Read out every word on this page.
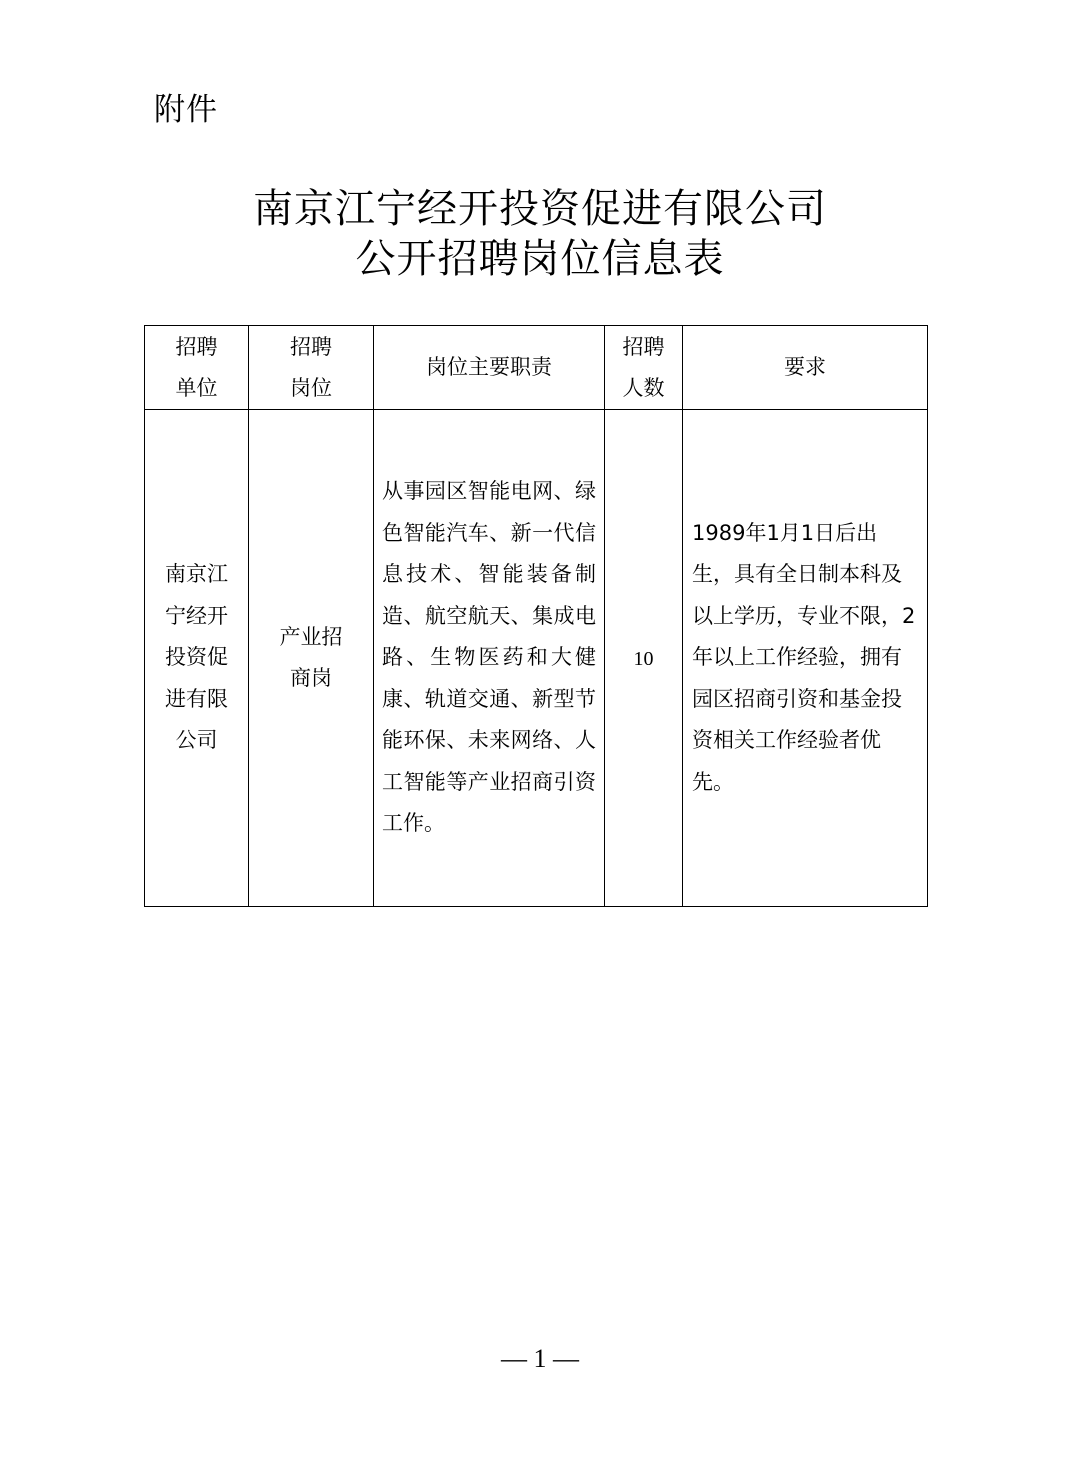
附件
南京江宁经开投资促进有限公司
公开招聘岗位信息表
招聘单位	招聘岗位	岗位主要职责	招聘人数	要求
南京江宁经开投资促进有限公司	产业招商岗	从事园区智能电网、绿色智能汽车、新一代信息技术、智能装备制造、航空航天、集成电路、生物医药和大健康、轨道交通、新型节能环保、未来网络、人工智能等产业招商引资工作。	10	1989年1月1日后出生，具有全日制本科及以上学历，专业不限，2年以上工作经验，拥有园区招商引资和基金投资相关工作经验者优先。
— 1 —
